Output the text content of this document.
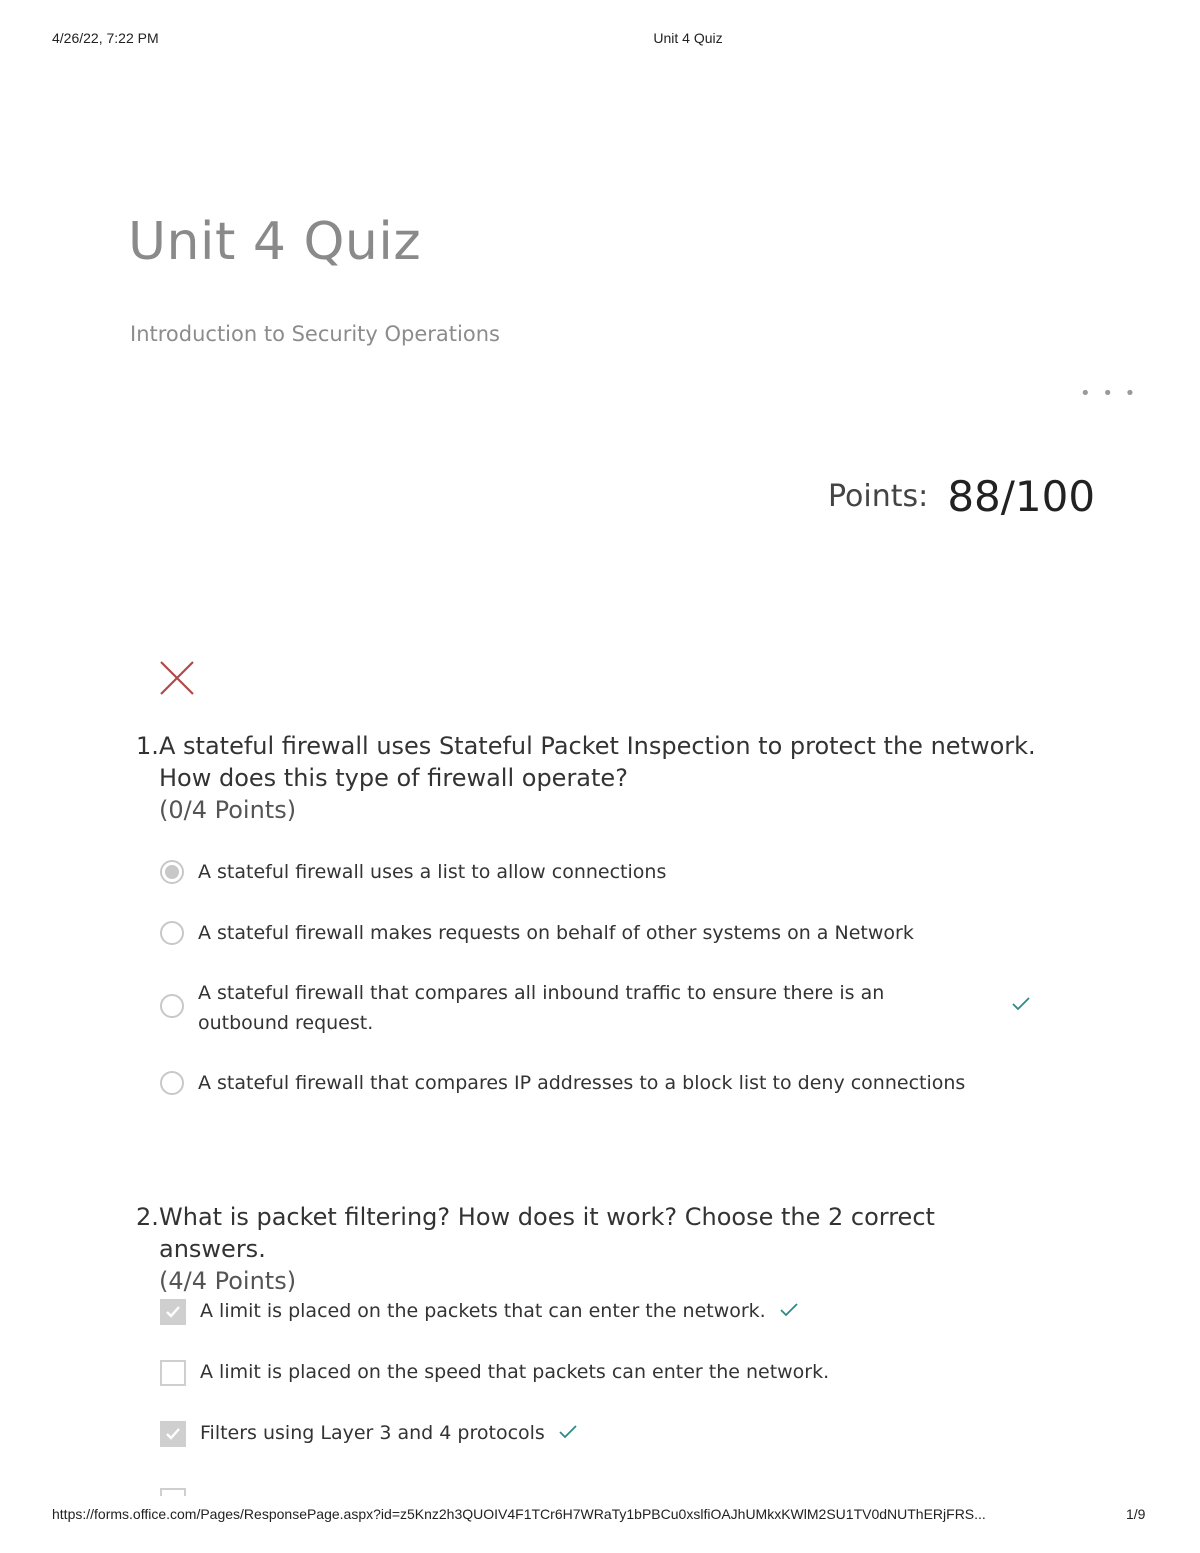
4/26/22, 7:22 PM	Unit 4 Quiz
Unit 4 Quiz
Introduction to Security Operations
• • •
Points: 88/100
1. A stateful firewall uses Stateful Packet Inspection to protect the network. How does this type of firewall operate?
(0/4 Points)
A stateful firewall uses a list to allow connections
A stateful firewall makes requests on behalf of other systems on a Network
A stateful firewall that compares all inbound traffic to ensure there is an outbound request.
A stateful firewall that compares IP addresses to a block list to deny connections
2. What is packet filtering? How does it work? Choose the 2 correct answers.
(4/4 Points)
A limit is placed on the packets that can enter the network.
A limit is placed on the speed that packets can enter the network.
Filters using Layer 3 and 4 protocols
https://forms.office.com/Pages/ResponsePage.aspx?id=z5Knz2h3QUOIV4F1TCr6H7WRaTy1bPBCu0xslfiOAJhUMkxKWlM2SU1TV0dNUThERjFRS...	1/9
